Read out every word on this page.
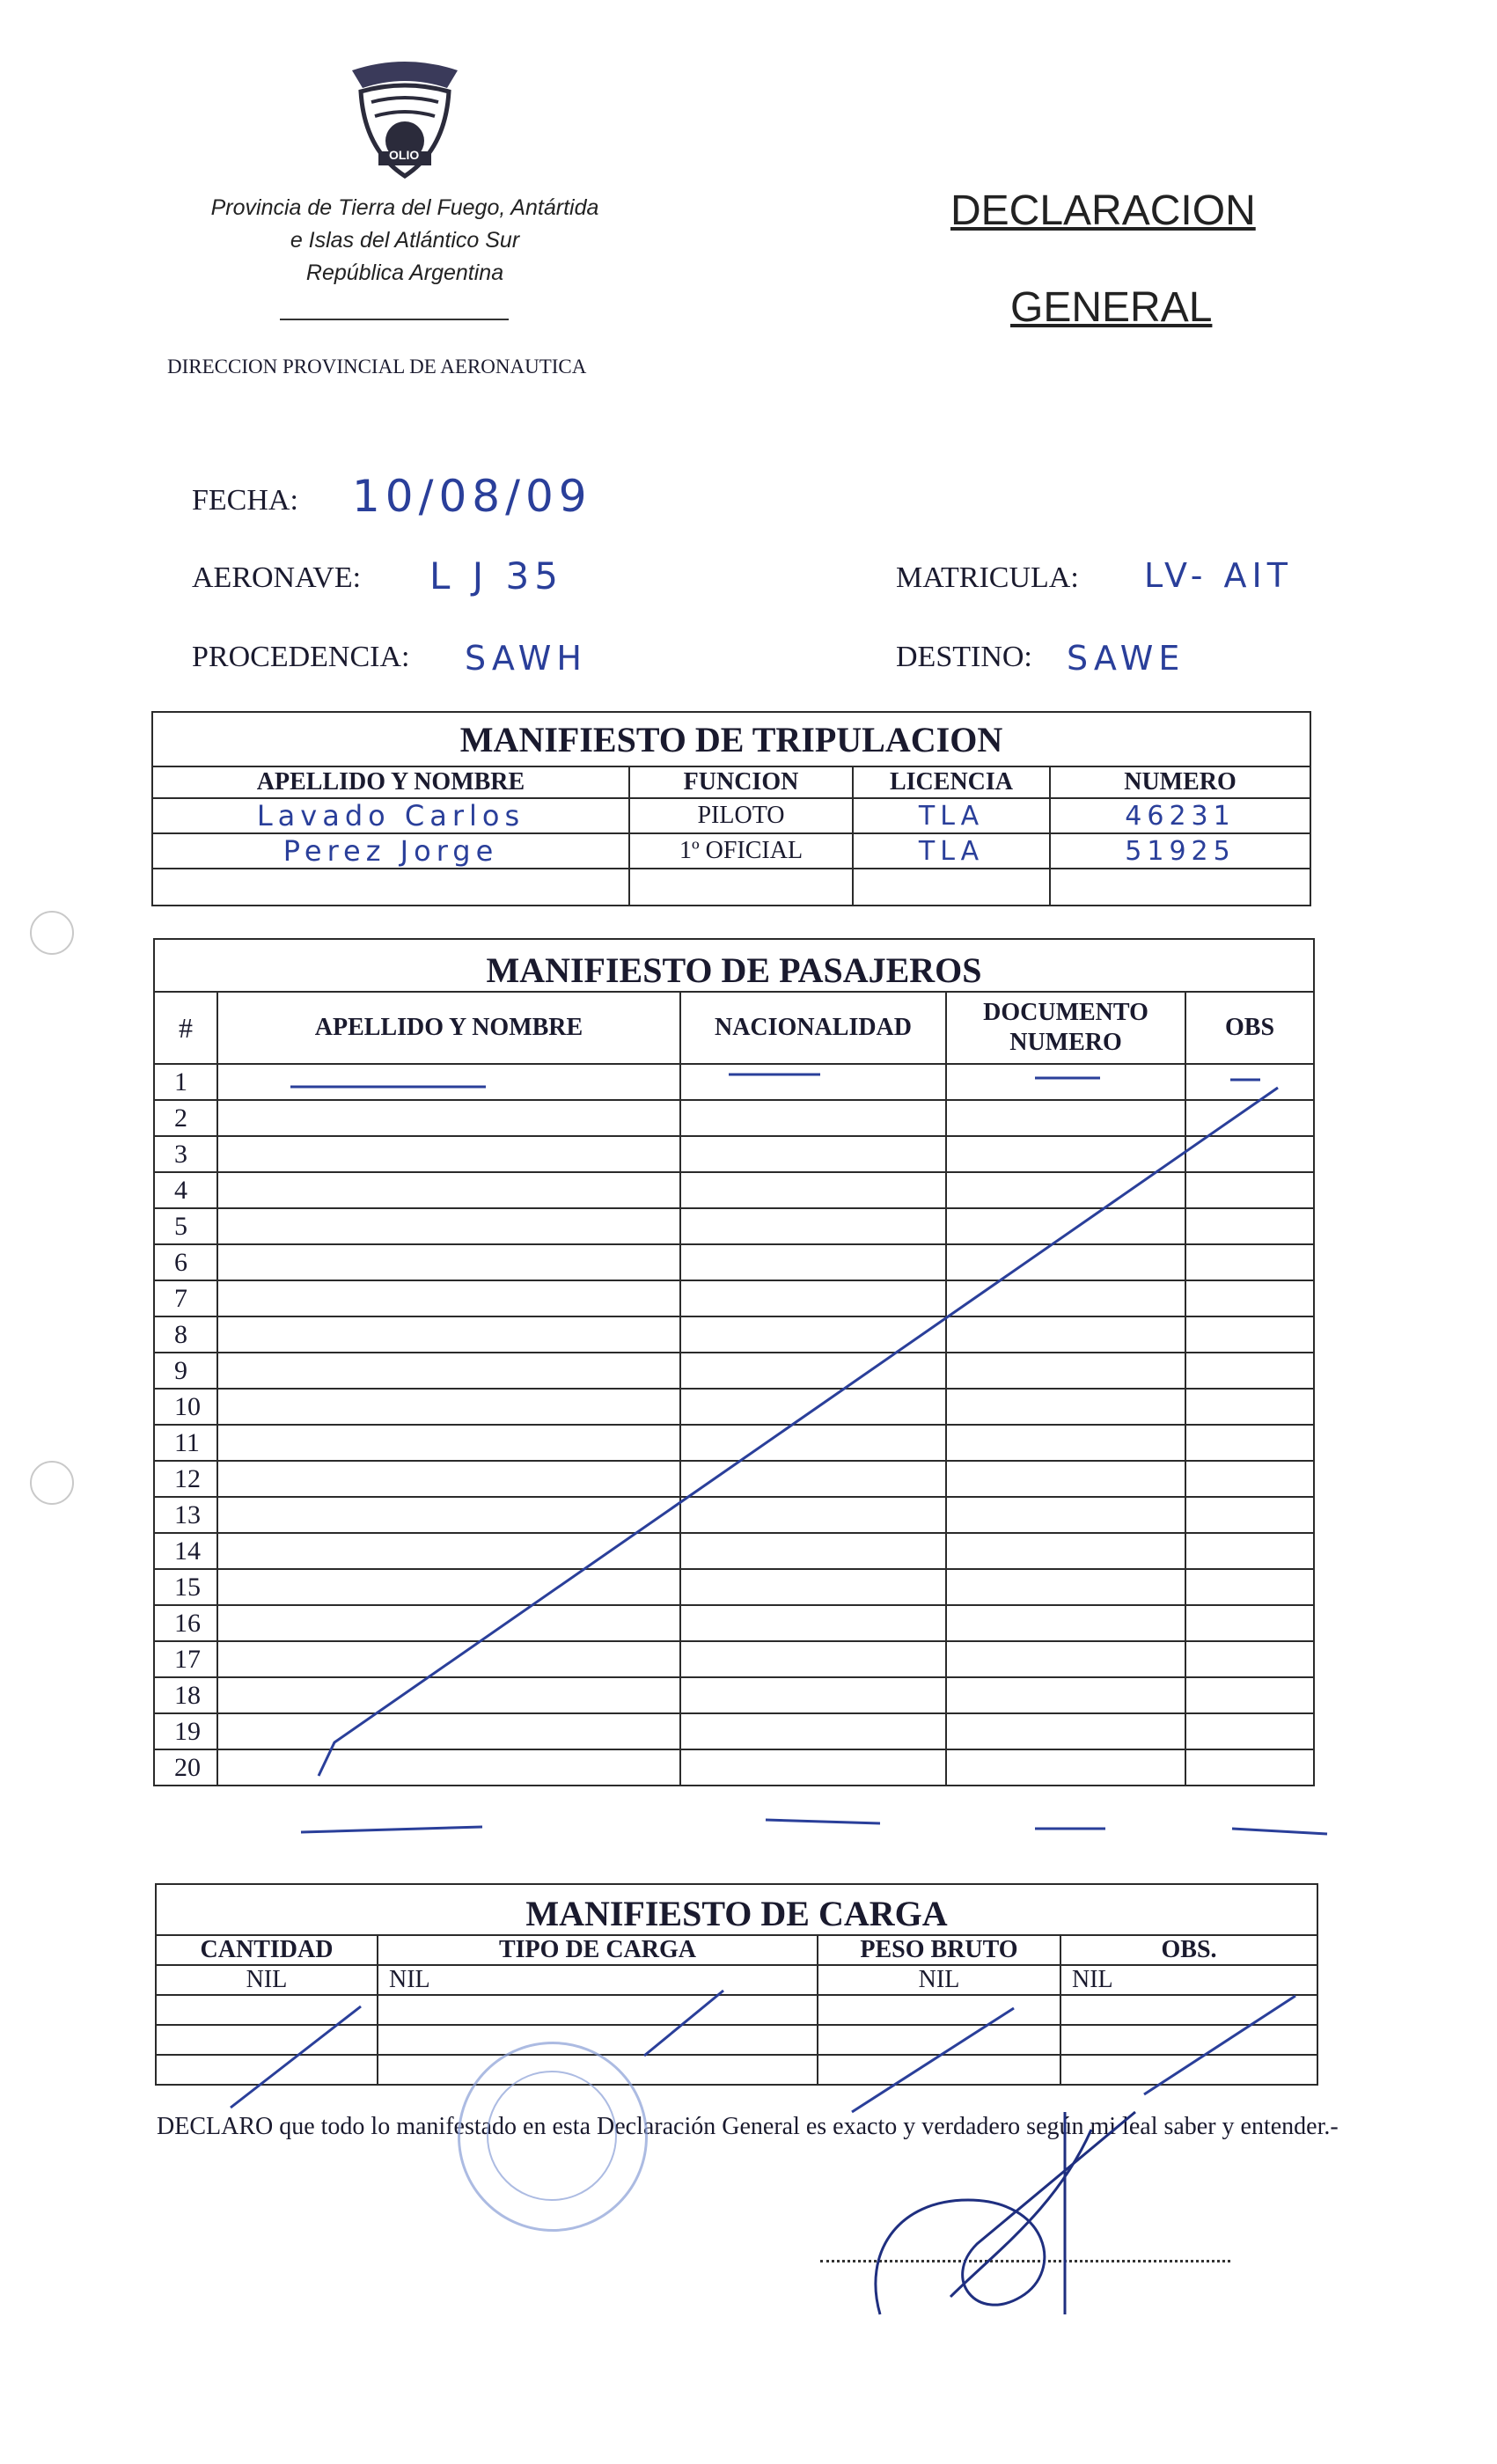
OLIO
Provincia de Tierra del Fuego, Antártida
e Islas del Atlántico Sur
República Argentina
DIRECCION PROVINCIAL DE AERONAUTICA
DECLARACION
GENERAL
FECHA: 10/08/09
AERONAVE: L J 35	MATRICULA: LV- AIT
PROCEDENCIA: SAWH	DESTINO: SAWE
MANIFIESTO DE TRIPULACION			
APELLIDO Y NOMBRE	FUNCION	LICENCIA	NUMERO
Lavado Carlos	PILOTO	TLA	46231
Perez Jorge	1º OFICIAL	TLA	51925

MANIFIESTO DE PASAJEROS				
#	APELLIDO Y NOMBRE	NACIONALIDAD	DOCUMENTO NUMERO	OBS
1				
2				
3				
4				
5				
6				
7				
8				
9				
10				
11				
12				
13				
14				
15				
16				
17				
18				
19				
20				
MANIFIESTO DE CARGA			
CANTIDAD	TIPO DE CARGA	PESO BRUTO	OBS.
NIL	NIL	NIL	NIL

DECLARO que todo lo manifestado en esta Declaración General es exacto y verdadero según mi leal saber y entender.-
